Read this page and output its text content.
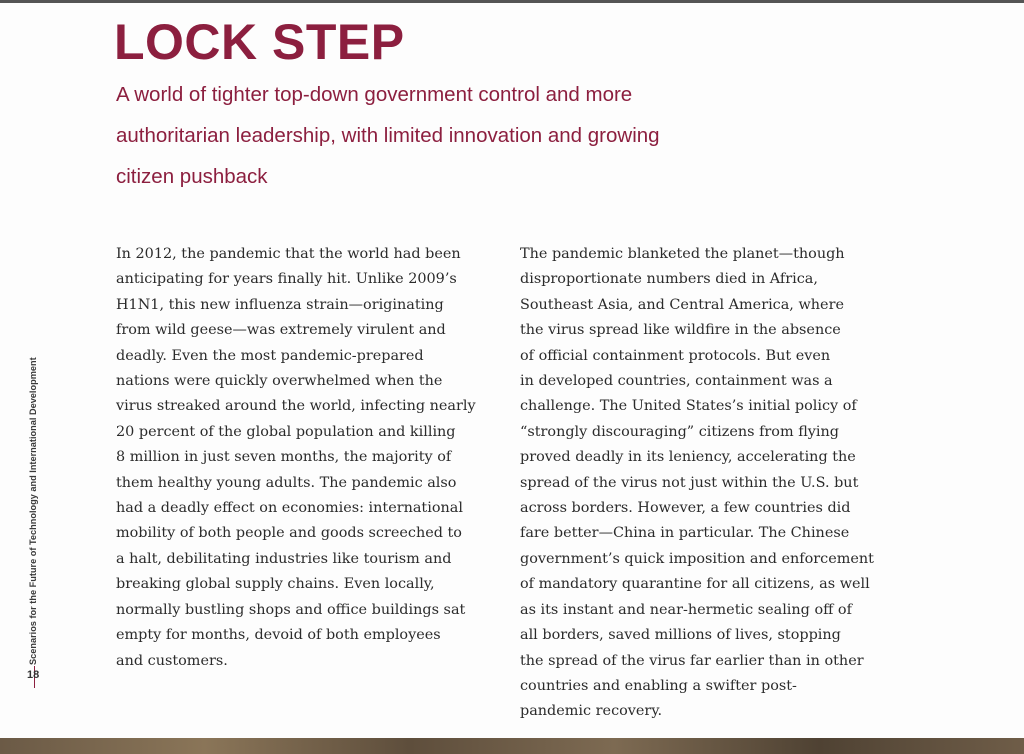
LOCK STEP
A world of tighter top-down government control and more
authoritarian leadership, with limited innovation and growing
citizen pushback
In 2012, the pandemic that the world had been
anticipating for years finally hit. Unlike 2009’s
H1N1, this new influenza strain—originating
from wild geese—was extremely virulent and
deadly. Even the most pandemic-prepared
nations were quickly overwhelmed when the
virus streaked around the world, infecting nearly
20 percent of the global population and killing
8 million in just seven months, the majority of
them healthy young adults. The pandemic also
had a deadly effect on economies: international
mobility of both people and goods screeched to
a halt, debilitating industries like tourism and
breaking global supply chains. Even locally,
normally bustling shops and office buildings sat
empty for months, devoid of both employees
and customers.
The pandemic blanketed the planet—though
disproportionate numbers died in Africa,
Southeast Asia, and Central America, where
the virus spread like wildfire in the absence
of official containment protocols. But even
in developed countries, containment was a
challenge. The United States’s initial policy of
“strongly discouraging” citizens from flying
proved deadly in its leniency, accelerating the
spread of the virus not just within the U.S. but
across borders. However, a few countries did
fare better—China in particular. The Chinese
government’s quick imposition and enforcement
of mandatory quarantine for all citizens, as well
as its instant and near-hermetic sealing off of
all borders, saved millions of lives, stopping
the spread of the virus far earlier than in other
countries and enabling a swifter post-
pandemic recovery.
Scenarios for the Future of Technology and International Development
18
